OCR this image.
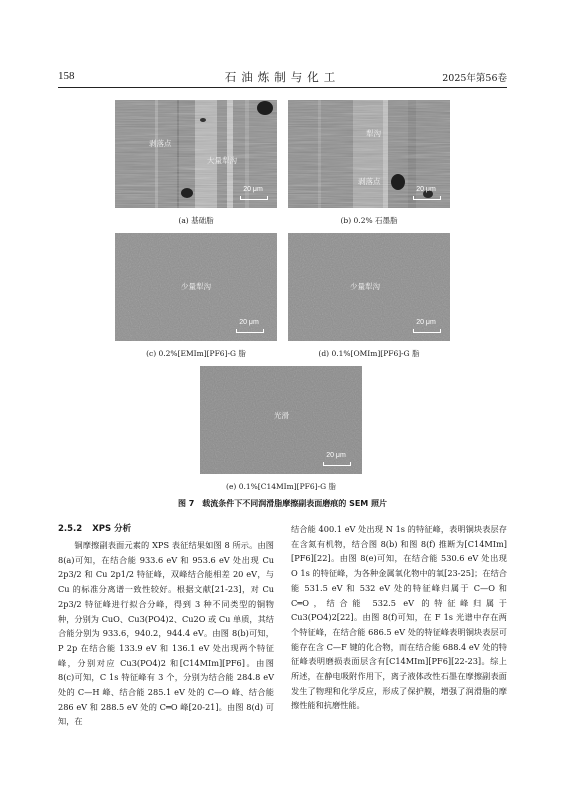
158	石油炼制与化工	2025年第56卷
剥落点
大量犁沟
20 μm
(a) 基础脂
犁沟
剥落点
20 μm
(b) 0.2% 石墨脂
少量犁沟
20 μm
(c) 0.2%[EMIm][PF6]-G 脂
少量犁沟
20 μm
(d) 0.1%[OMIm][PF6]-G 脂
光滑
20 μm
(e) 0.1%[C14MIm][PF6]-G 脂
图 7　载流条件下不同润滑脂摩擦副表面磨痕的 SEM 照片
2.5.2 XPS 分析

铜摩擦副表面元素的 XPS 表征结果如图 8 所示。由图 8(a)可知，在结合能 933.6 eV 和 953.6 eV 处出现 Cu 2p3/2 和 Cu 2p1/2 特征峰，双峰结合能相差 20 eV，与 Cu 的标准分离谱一致性较好。根据文献[21-23]，对 Cu 2p3/2 特征峰进行拟合分峰，得到 3 种不同类型的铜物种，分别为 CuO、Cu3(PO4)2、Cu2O 或 Cu 单质，其结合能分别为 933.6，940.2，944.4 eV。由图 8(b)可知，P 2p 在结合能 133.9 eV 和 136.1 eV 处出现两个特征峰，分别对应 Cu3(PO4)2 和[C14MIm][PF6]。由图 8(c)可知，C 1s 特征峰有 3 个，分别为结合能 284.8 eV 处的 C—H 峰、结合能 285.1 eV 处的 C—O 峰、结合能 286 eV 和 288.5 eV 处的 C═O 峰[20-21]。由图 8(d) 可知，在

结合能 400.1 eV 处出现 N 1s 的特征峰，表明铜块表层存在含氮有机物，结合图 8(b) 和图 8(f) 推断为[C14MIm][PF6][22]。由图 8(e)可知，在结合能 530.6 eV 处出现 O 1s 的特征峰，为各种金属氧化物中的氧[23-25]；在结合能 531.5 eV 和 532 eV 处的特征峰归属于 C—O 和 C═O，结合能 532.5 eV 的特征峰归属于 Cu3(PO4)2[22]。由图 8(f)可知，在 F 1s 光谱中存在两个特征峰，在结合能 686.5 eV 处的特征峰表明铜块表层可能存在含 C—F 键的化合物，而在结合能 688.4 eV 处的特征峰表明磨损表面层含有[C14MIm][PF6][22-23]。综上所述，在静电吸附作用下，离子液体改性石墨在摩擦副表面发生了物理和化学反应，形成了保护膜，增强了润滑脂的摩擦性能和抗磨性能。
